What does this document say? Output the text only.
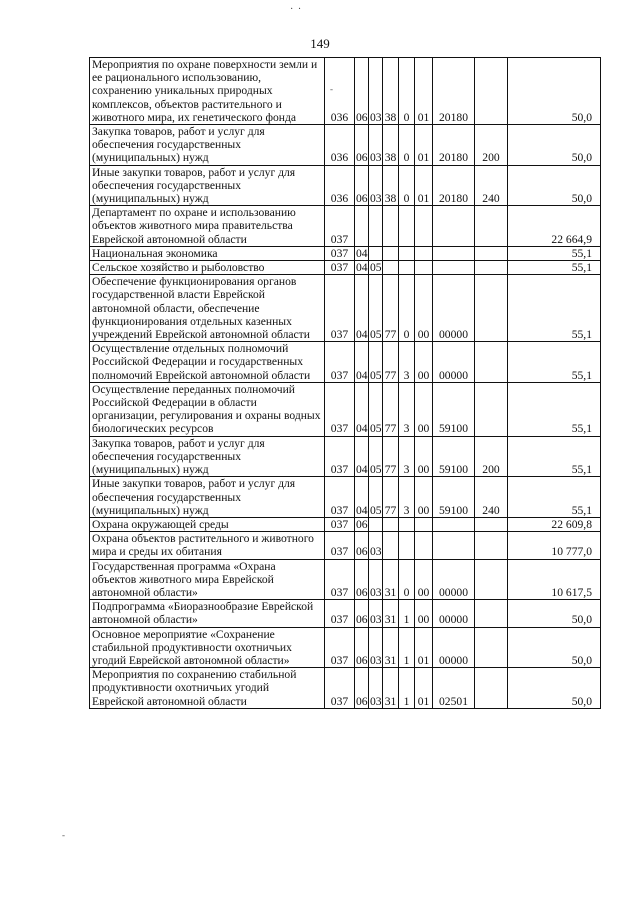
· ·
149
Мероприятия по охране поверхности земли и ее рационального использованию, сохранению уникальных природных комплексов, объектов растительного и животного мира, их генетического фонда	036	06	03	38	0	01	20180		50,0
Закупка товаров, работ и услуг для обеспечения государственных (муниципальных) нужд	036	06	03	38	0	01	20180	200	50,0
Иные закупки товаров, работ и услуг для обеспечения государственных (муниципальных) нужд	036	06	03	38	0	01	20180	240	50,0
Департамент по охране и использованию объектов животного мира правительства Еврейской автономной области	037								22 664,9
Национальная экономика	037	04							55,1
Сельское хозяйство и рыболовство	037	04	05						55,1
Обеспечение функционирования органов государственной власти Еврейской автономной области, обеспечение функционирования отдельных казенных учреждений Еврейской автономной области	037	04	05	77	0	00	00000		55,1
Осуществление отдельных полномочий Российской Федерации и государственных полномочий Еврейской автономной области	037	04	05	77	3	00	00000		55,1
Осуществление переданных полномочий Российской Федерации в области организации, регулирования и охраны водных биологических ресурсов	037	04	05	77	3	00	59100		55,1
Закупка товаров, работ и услуг для обеспечения государственных (муниципальных) нужд	037	04	05	77	3	00	59100	200	55,1
Иные закупки товаров, работ и услуг для обеспечения государственных (муниципальных) нужд	037	04	05	77	3	00	59100	240	55,1
Охрана окружающей среды	037	06							22 609,8
Охрана объектов растительного и животного мира и среды их обитания	037	06	03						10 777,0
Государственная программа «Охрана объектов животного мира Еврейской автономной области»	037	06	03	31	0	00	00000		10 617,5
Подпрограмма «Биоразнообразие Еврейской автономной области»	037	06	03	31	1	00	00000		50,0
Основное мероприятие «Сохранение стабильной продуктивности охотничьих угодий Еврейской автономной области»	037	06	03	31	1	01	00000		50,0
Мероприятия по сохранению стабильной продуктивности охотничьих угодий Еврейской автономной области	037	06	03	31	1	01	02501		50,0
-
-
